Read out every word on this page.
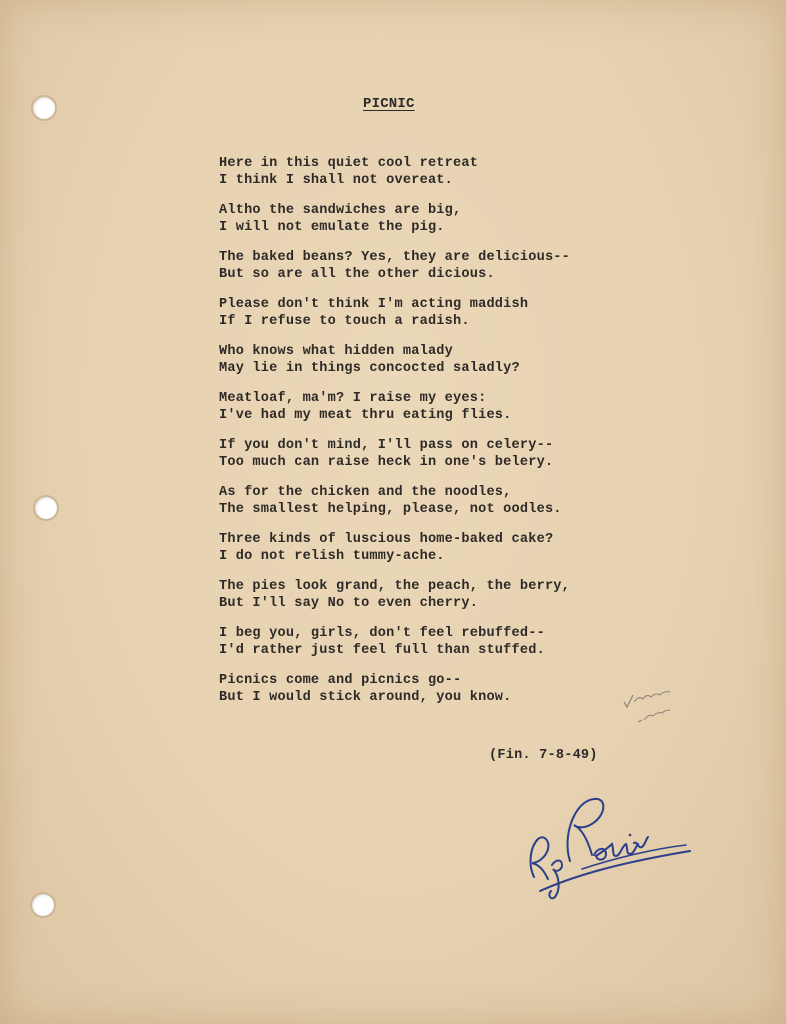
PICNIC
Here in this quiet cool retreat
I think I shall not overeat.
Altho the sandwiches are big,
I will not emulate the pig.
The baked beans? Yes, they are delicious--
But so are all the other dicious.
Please don't think I'm acting maddish
If I refuse to touch a radish.
Who knows what hidden malady
May lie in things concocted saladly?
Meatloaf, ma'm? I raise my eyes:
I've had my meat thru eating flies.
If you don't mind, I'll pass on celery--
Too much can raise heck in one's belery.
As for the chicken and the noodles,
The smallest helping, please, not oodles.
Three kinds of luscious home-baked cake?
I do not relish tummy-ache.
The pies look grand, the peach, the berry,
But I'll say No to even cherry.
I beg you, girls, don't feel rebuffed--
I'd rather just feel full than stuffed.
Picnics come and picnics go--
But I would stick around, you know.
(Fin. 7-8-49)
